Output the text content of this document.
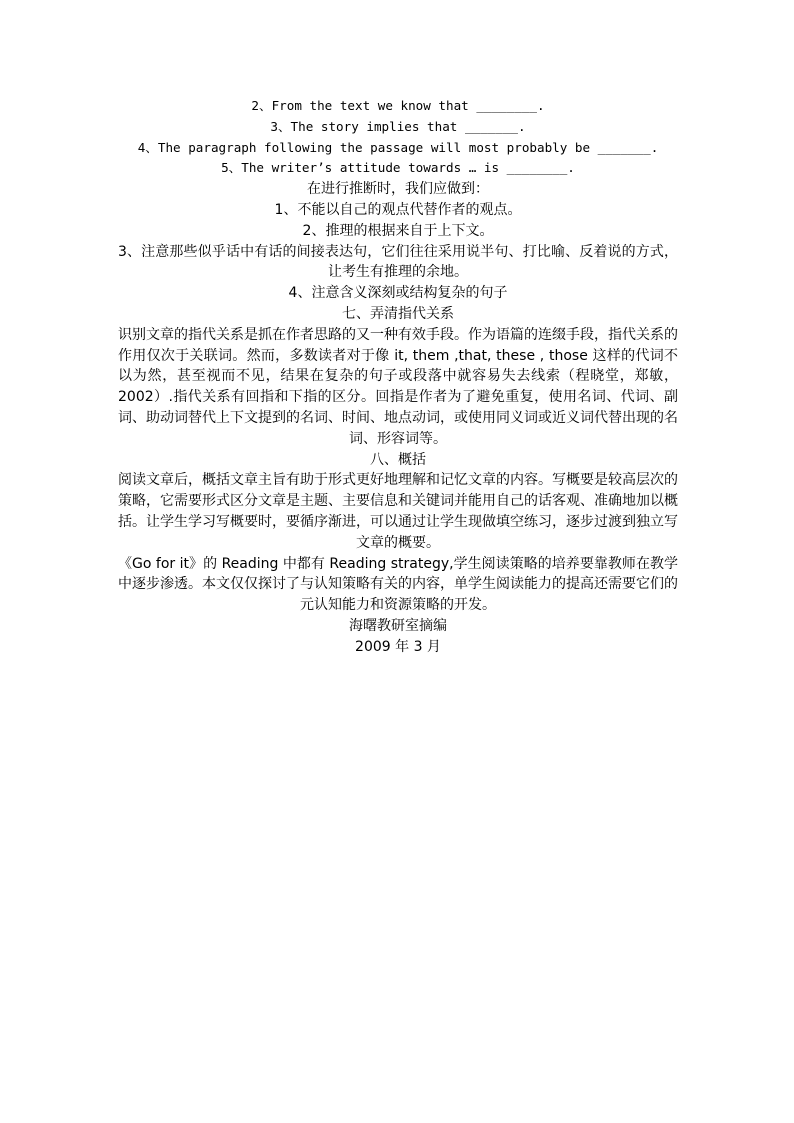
2、From the text we know that ________.
3、The story implies that _______.
4、The paragraph following the passage will most probably be _______.
5、The writer’s attitude towards … is ________.
在进行推断时，我们应做到：
1、不能以自己的观点代替作者的观点。
2、推理的根据来自于上下文。

3、注意那些似乎话中有话的间接表达句，它们往往采用说半句、打比喻、反着说的方式，让考生有推理的余地。

4、注意含义深刻或结构复杂的句子
七、弄清指代关系

识别文章的指代关系是抓在作者思路的又一种有效手段。作为语篇的连缀手段，指代关系的作用仅次于关联词。然而，多数读者对于像 it, them ,that, these , those 这样的代词不以为然，甚至视而不见，结果在复杂的句子或段落中就容易失去线索（程晓堂，郑敏，2002）.指代关系有回指和下指的区分。回指是作者为了避免重复，使用名词、代词、副词、助动词替代上下文提到的名词、时间、地点动词，或使用同义词或近义词代替出现的名词、形容词等。

八、概括

阅读文章后，概括文章主旨有助于形式更好地理解和记忆文章的内容。写概要是较高层次的策略，它需要形式区分文章是主题、主要信息和关键词并能用自己的话客观、准确地加以概括。让学生学习写概要时，要循序渐进，可以通过让学生现做填空练习，逐步过渡到独立写文章的概要。

《Go for it》的 Reading 中都有 Reading strategy,学生阅读策略的培养要靠教师在教学中逐步渗透。本文仅仅探讨了与认知策略有关的内容，单学生阅读能力的提高还需要它们的元认知能力和资源策略的开发。

海曙教研室摘编
2009 年 3 月
